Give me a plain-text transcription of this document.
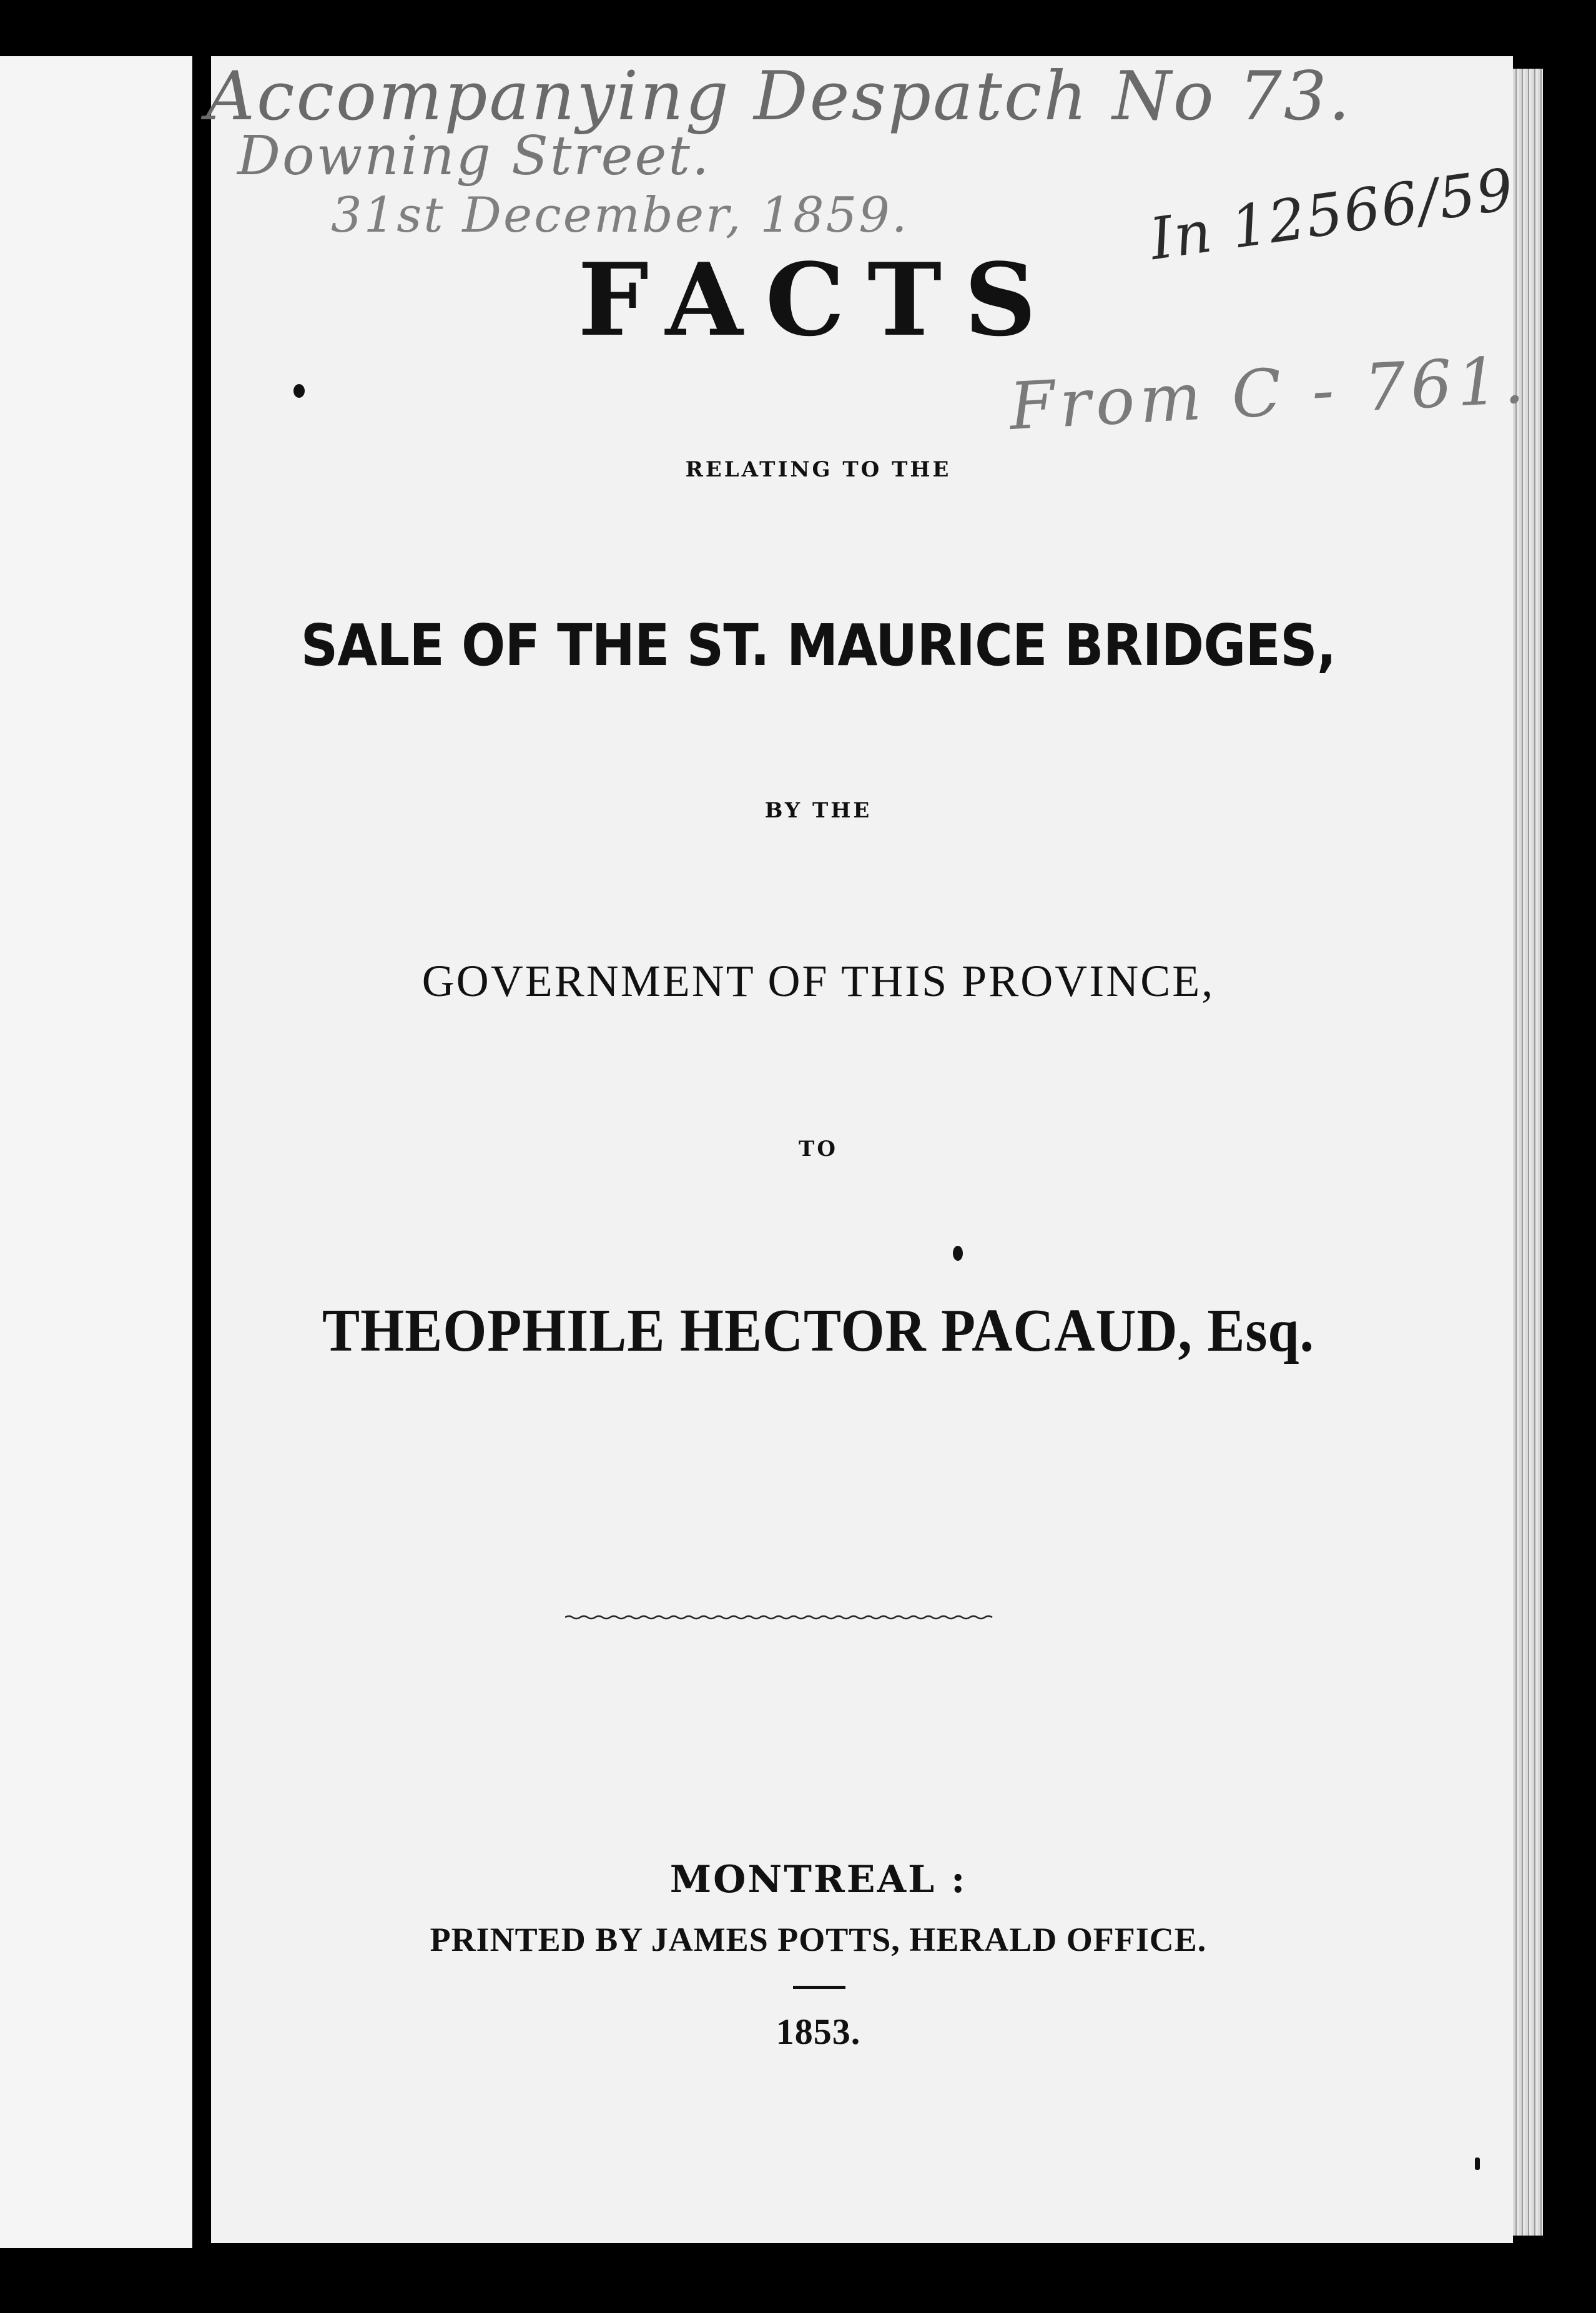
Accompanying Despatch No 73.
Downing Street.
31st December, 1859.	In 12566/59
From C - 761.
FACTS
RELATING TO THE
SALE OF THE ST. MAURICE BRIDGES,
BY THE
GOVERNMENT OF THIS PROVINCE,
TO
THEOPHILE HECTOR PACAUD, Esq.
MONTREAL :
PRINTED BY JAMES POTTS, HERALD OFFICE.
1853.
